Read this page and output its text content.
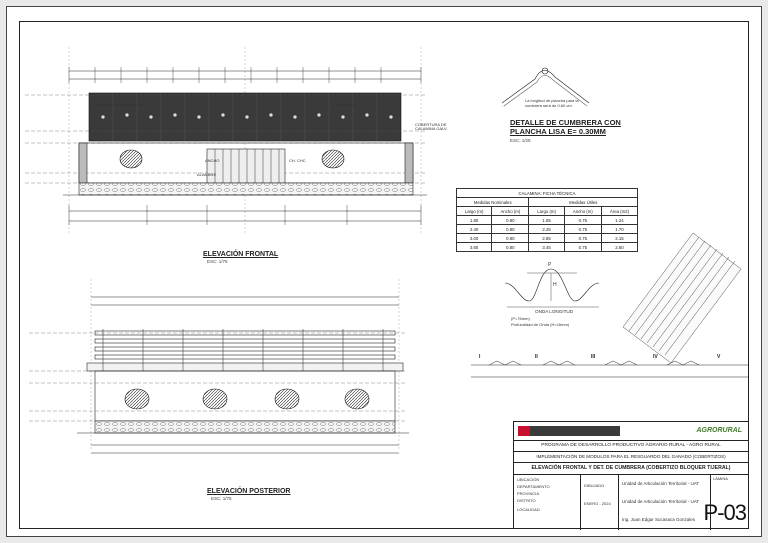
CUMBRERA GALVANIZADO	CUMBRERA
COBERTURA DE CALAMINA GALV.
ANCHO	CH. CHC
ALAMBRE
ELEVACIÓN FRONTAL
ESC: 1/75
ELEVACIÓN POSTERIOR
ESC: 1/75
La longitud de plancha para la
cumbrera será de 0.60 cm
DETALLE DE CUMBRERA CON
PLANCHA LISA E= 0.30MM
ESC: 1/25
CALAMINA: FICHA TÉCNICA				
Medidas Nominales		Medidas Útiles		
Largo (m)	Ancho (m)	Largo (m)	Ancho (m)	Área (m2)
1.80	0.80	1.65	0.75	1.24
2.40	0.80	2.25	0.75	1.70
3.00	0.80	2.85	0.75	2.15
3.60	0.80	3.45	0.75	2.60
P
H
ONDA LONGITUD
(P=76mm)
Profundidad de Onda (H=16mm)
I	II	III	IV	V
AGRORURAL
PROGRAMA DE DESARROLLO PRODUCTIVO AGRARIO RURAL - AGRO RURAL
IMPLEMENTACIÓN DE MODULOS PARA EL RESGUARDO DEL GANADO (COBERTIZOS)
ELEVACIÓN FRONTAL Y DET. DE CUMBRERA (COBERTIZO BLOQUER TIJERAL)
UBICACIÓN
DEPARTAMENTO
PROVINCIA
DISTRITO
LOCALIDAD
DIBUJADO
ENERO - 2024
Unidad de Articulación Territorial - UAT
Unidad de Articulación Territorial - UAT
Ing. Juan Edgar Sucasaca Gonzales
LÁMINA
P-03
